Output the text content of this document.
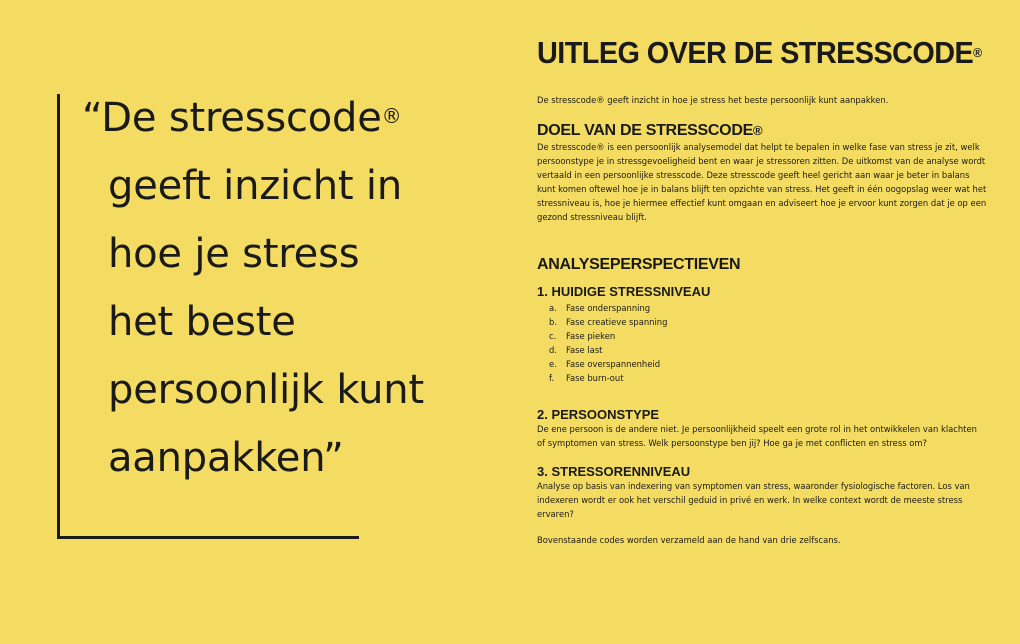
“De stresscode®
geeft inzicht in
hoe je stress
het beste
persoonlijk kunt
aanpakken”
UITLEG OVER DE STRESSCODE®

De stresscode® geeft inzicht in hoe je stress het beste persoonlijk kunt aanpakken.

DOEL VAN DE STRESSCODE®

De stresscode® is een persoonlijk analysemodel dat helpt te bepalen in welke fase van stress je zit, welk persoonstype je in stressgevoeligheid bent en waar je stressoren zitten. De uitkomst van de analyse wordt vertaald in een persoonlijke stresscode. Deze stresscode geeft heel gericht aan waar je beter in balans kunt komen oftewel hoe je in balans blijft ten opzichte van stress. Het geeft in één oogopslag weer wat het stressniveau is, hoe je hiermee effectief kunt omgaan en adviseert hoe je ervoor kunt zorgen dat je op een gezond stressniveau blijft.

ANALYSEPERSPECTIEVEN
1. HUIDIGE STRESSNIVEAU
a. Fase onderspanning
b. Fase creatieve spanning
c. Fase pieken
d. Fase last
e. Fase overspannenheid
f. Fase burn-out
2. PERSOONSTYPE

De ene persoon is de andere niet. Je persoonlijkheid speelt een grote rol in het ontwikkelen van klachten of symptomen van stress. Welk persoonstype ben jij? Hoe ga je met conflicten en stress om?

3. STRESSORENNIVEAU

Analyse op basis van indexering van symptomen van stress, waaronder fysiologische factoren. Los van indexeren wordt er ook het verschil geduid in privé en werk. In welke context wordt de meeste stress ervaren?

Bovenstaande codes worden verzameld aan de hand van drie zelfscans.
